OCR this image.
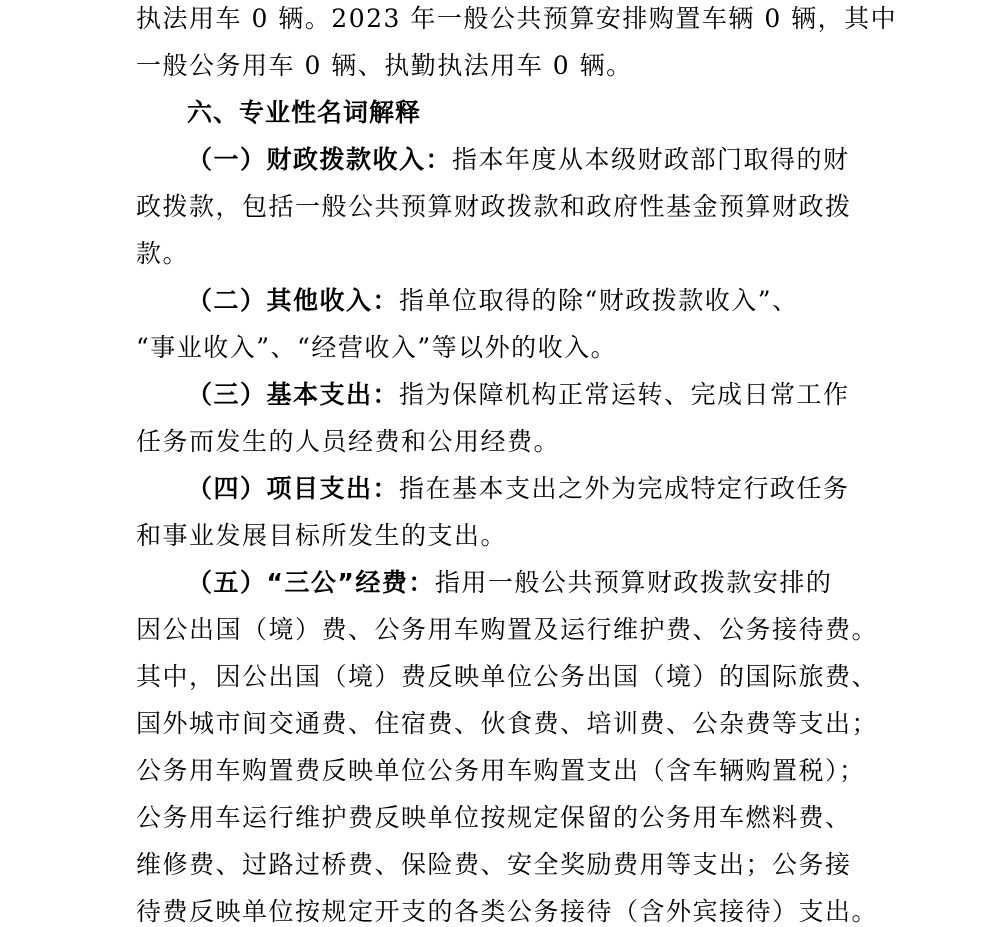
执法用车 0 辆。2023 年一般公共预算安排购置车辆 0 辆，其中
一般公务用车 0 辆、执勤执法用车 0 辆。
六、专业性名词解释
（一）财政拨款收入：指本年度从本级财政部门取得的财
政拨款，包括一般公共预算财政拨款和政府性基金预算财政拨
款。
（二）其他收入：指单位取得的除“财政拨款收入”、
“事业收入”、“经营收入”等以外的收入。
（三）基本支出：指为保障机构正常运转、完成日常工作
任务而发生的人员经费和公用经费。
（四）项目支出：指在基本支出之外为完成特定行政任务
和事业发展目标所发生的支出。
（五）“三公”经费：指用一般公共预算财政拨款安排的
因公出国（境）费、公务用车购置及运行维护费、公务接待费。
其中，因公出国（境）费反映单位公务出国（境）的国际旅费、
国外城市间交通费、住宿费、伙食费、培训费、公杂费等支出；
公务用车购置费反映单位公务用车购置支出（含车辆购置税）；
公务用车运行维护费反映单位按规定保留的公务用车燃料费、
维修费、过路过桥费、保险费、安全奖励费用等支出；公务接
待费反映单位按规定开支的各类公务接待（含外宾接待）支出。
